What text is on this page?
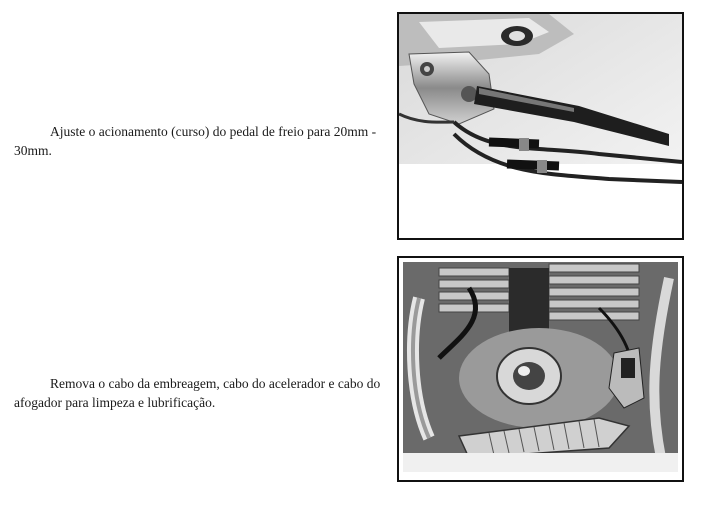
Ajuste o acionamento (curso) do pedal de freio para 20mm - 30mm.
Remova o cabo da embreagem, cabo do acelerador e cabo do afogador para limpeza e lubrificação.
